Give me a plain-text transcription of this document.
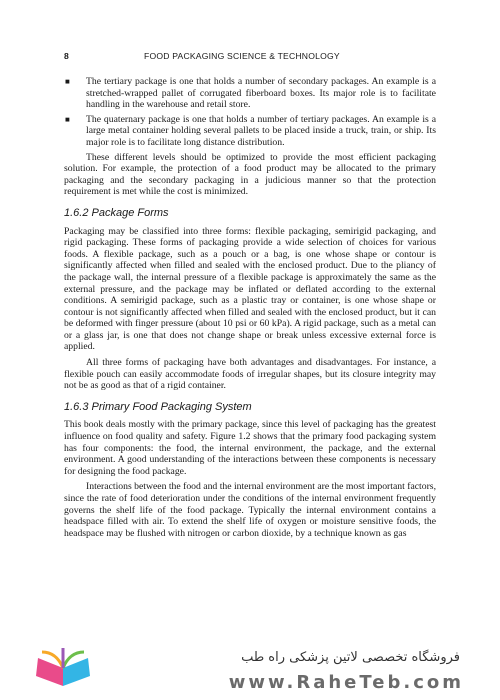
8	FOOD PACKAGING SCIENCE & TECHNOLOGY
■ The tertiary package is one that holds a number of secondary packages. An example is a stretched-wrapped pallet of corrugated fiberboard boxes. Its major role is to facilitate handling in the warehouse and retail store.
■ The quaternary package is one that holds a number of tertiary packages. An example is a large metal container holding several pallets to be placed inside a truck, train, or ship. Its major role is to facilitate long distance distribution.

These different levels should be optimized to provide the most efficient packaging solution. For example, the protection of a food product may be allocated to the primary packaging and the secondary packaging in a judicious manner so that the protection requirement is met while the cost is minimized.

1.6.2 Package Forms

Packaging may be classified into three forms: flexible packaging, semirigid packaging, and rigid packaging. These forms of packaging provide a wide selection of choices for various foods. A flexible package, such as a pouch or a bag, is one whose shape or contour is significantly affected when filled and sealed with the enclosed product. Due to the pliancy of the package wall, the internal pressure of a flexible package is approximately the same as the external pressure, and the package may be inflated or deflated according to the external conditions. A semirigid package, such as a plastic tray or container, is one whose shape or contour is not significantly affected when filled and sealed with the enclosed product, but it can be deformed with finger pressure (about 10 psi or 60 kPa). A rigid package, such as a metal can or a glass jar, is one that does not change shape or break unless excessive external force is applied.

All three forms of packaging have both advantages and disadvantages. For instance, a flexible pouch can easily accommodate foods of irregular shapes, but its closure integrity may not be as good as that of a rigid container.

1.6.3 Primary Food Packaging System

This book deals mostly with the primary package, since this level of packaging has the greatest influence on food quality and safety. Figure 1.2 shows that the primary food packaging system has four components: the food, the internal environment, the package, and the external environment. A good understanding of the interactions between these components is necessary for designing the food package.

Interactions between the food and the internal environment are the most important factors, since the rate of food deterioration under the conditions of the internal environment frequently governs the shelf life of the food package. Typically the internal environment contains a headspace filled with air. To extend the shelf life of oxygen or moisture sensitive foods, the headspace may be flushed with nitrogen or carbon dioxide, by a technique known as gas

فروشگاه تخصصی لاتین پزشکی راه طب
www.RaheTeb.com
